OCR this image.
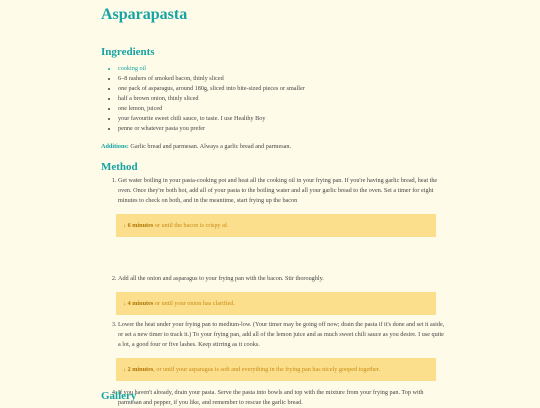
Asparapasta
Ingredients
• cooking oil
• 6–8 rashers of smoked bacon, thinly sliced
• one pack of asparagus, around 180g, sliced into bite-sized pieces or smaller
• half a brown onion, thinly sliced
• one lemon, juiced
• your favourite sweet chili sauce, to taste. I use Healthy Boy
• penne or whatever pasta you prefer
Additions: Garlic bread and parmesan. Always a garlic bread and parmesan.
Method
1. Get water boiling in your pasta-cooking pot and heat all the cooking oil in your frying pan. If you're having garlic bread, heat the oven. Once they're both hot, add all of your pasta to the boiling water and all your garlic bread to the oven. Set a timer for eight minutes to check on both, and in the meantime, start frying up the bacon
↓ 6 minutes or until the bacon is crispy af.
2. Add all the onion and asparagus to your frying pan with the bacon. Stir thoroughly.
↓ 4 minutes or until your onion has clarified.
3. Lower the heat under your frying pan to medium-low. (Your timer may be going off now; drain the pasta if it's done and set it aside, or set a new timer to track it.) To your frying pan, add all of the lemon juice and as much sweet chili sauce as you desire. I use quite a lot, a good four or five lashes. Keep stirring as it cooks.
↓ 2 minutes, or until your asparagus is soft and everything in the frying pan has nicely gooped together.
4. If you haven't already, drain your pasta. Serve the pasta into bowls and top with the mixture from your frying pan. Top with parmesan and pepper, if you like, and remember to rescue the garlic bread.
Gallery
